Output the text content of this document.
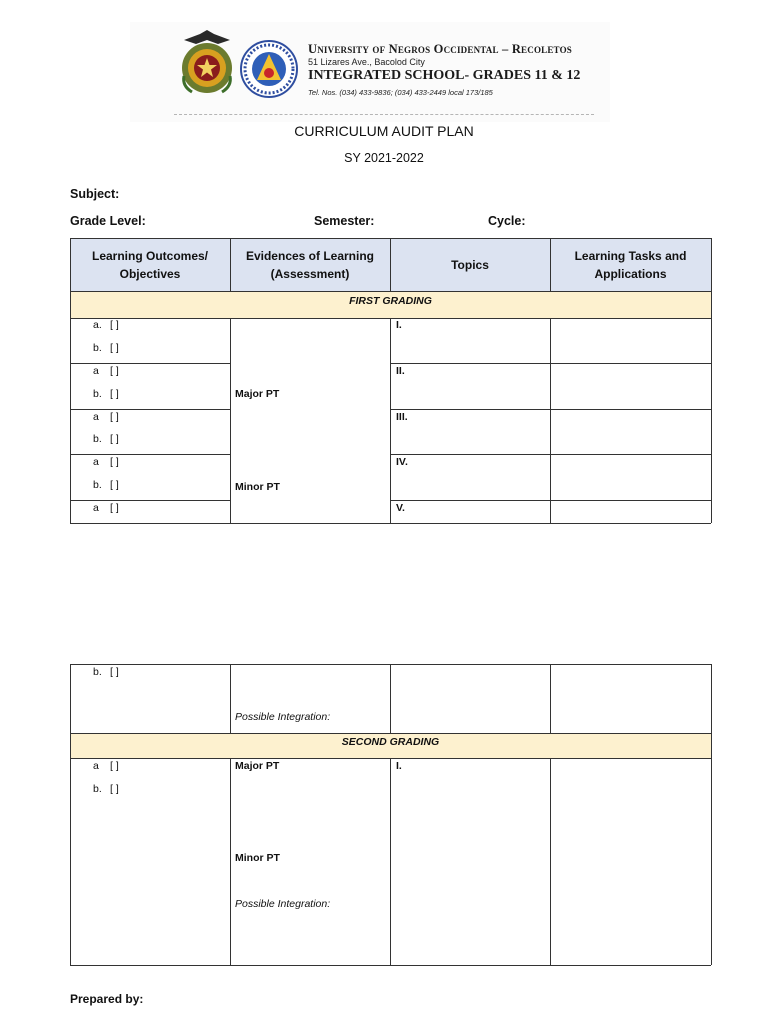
University of Negros Occidental – Recoletos
51 Lizares Ave., Bacolod City
INTEGRATED SCHOOL- GRADES 11 & 12
Tel. Nos. (034) 433-9836; (034) 433-2449 local 173/185
CURRICULUM AUDIT PLAN
SY 2021-2022
Subject:
Grade Level:	Semester:	Cycle:
Learning Outcomes/ Objectives
Evidences of Learning (Assessment)
Topics
Learning Tasks and Applications
FIRST GRADING
a. [ ]
b. [ ]
a [ ]
b. [ ]
a [ ]
b. [ ]
a [ ]
b. [ ]
a [ ]
Major PT
Minor PT
I.
II.
III.
IV.
V.
SECOND GRADING
b. [ ]
Possible Integration:
a [ ]
b. [ ]
Major PT
Minor PT
Possible Integration:
I.
Prepared by:
